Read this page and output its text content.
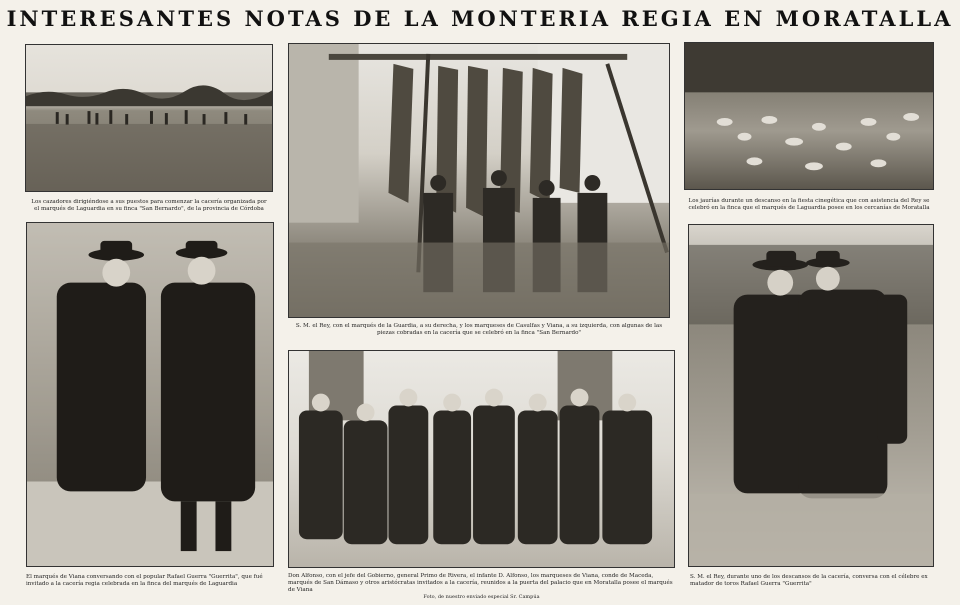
INTERESANTES NOTAS DE LA MONTERIA REGIA EN MORATALLA
Los cazadores dirigiéndose a sus puestos para comenzar la cacería organizada por el marqués de Laguardia en su finca "San Bernardo", de la provincia de Córdoba
S. M. el Rey, con el marqués de la Guardia, a su derecha, y los marqueses de Casulfas y Viana, a su izquierda, con algunas de las piezas cobradas en la cacería que se celebró en la finca "San Bernardo"
Los jaurías durante un descanso en la fiesta cinegética que con asistencia del Rey se celebró en la finca que el marqués de Laguardia posee en los cercanías de Moratalla
El marqués de Viana conversando con el popular Rafael Guerra "Guerrita", que fué invitado a la cacería regia celebrada en la finca del marqués de Laguardia
Don Alfonso, con el jefe del Gobierno, general Primo de Rivera, el infante D. Alfonso, los marqueses de Viana, conde de Maceda, marqués de San Dámaso y otros aristócratas invitados a la cacería, reunidos a la puerta del palacio que en Moratalla posee el marqués de Viana
Foto, de nuestro enviado especial Sr. Campúa
S. M. el Rey, durante uno de los descansos de la cacería, conversa con el célebre ex matador de toros Rafael Guerra "Guerrita"
